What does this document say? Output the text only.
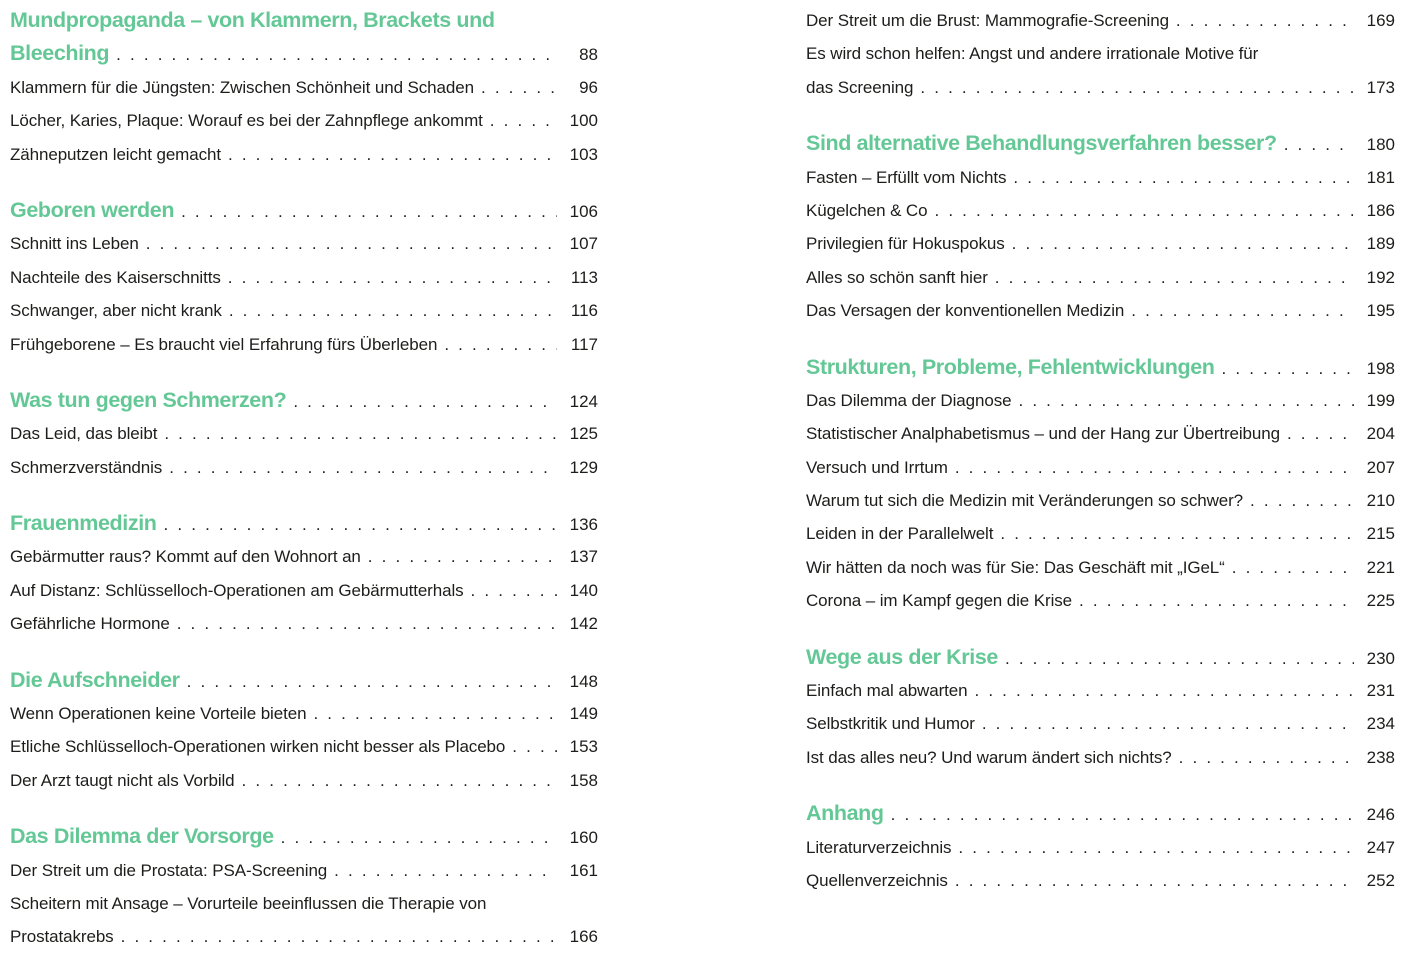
Mundpropaganda – von Klammern, Brackets und
Bleeching . . .	88
Klammern für die Jüngsten: Zwischen Schönheit und Schaden . . .	96
Löcher, Karies, Plaque: Worauf es bei der Zahnpflege ankommt . . .	100
Zähneputzen leicht gemacht . . .	103
Geboren werden . . .	106
Schnitt ins Leben . . .	107
Nachteile des Kaiserschnitts . . .	113
Schwanger, aber nicht krank . . .	116
Frühgeborene – Es braucht viel Erfahrung fürs Überleben . . .	117
Was tun gegen Schmerzen? . . .	124
Das Leid, das bleibt . . .	125
Schmerzverständnis . . .	129
Frauenmedizin . . .	136
Gebärmutter raus? Kommt auf den Wohnort an . . .	137
Auf Distanz: Schlüsselloch-Operationen am Gebärmutterhals . . .	140
Gefährliche Hormone . . .	142
Die Aufschneider . . .	148
Wenn Operationen keine Vorteile bieten . . .	149
Etliche Schlüsselloch-Operationen wirken nicht besser als Placebo . . .	153
Der Arzt taugt nicht als Vorbild . . .	158
Das Dilemma der Vorsorge . . .	160
Der Streit um die Prostata: PSA-Screening . . .	161
Scheitern mit Ansage – Vorurteile beeinflussen die Therapie von
Prostatakrebs . . .	166
Der Streit um die Brust: Mammografie-Screening . . .	169
Es wird schon helfen: Angst und andere irrationale Motive für
das Screening . . .	173
Sind alternative Behandlungsverfahren besser? . . .	180
Fasten – Erfüllt vom Nichts . . .	181
Kügelchen & Co . . .	186
Privilegien für Hokuspokus . . .	189
Alles so schön sanft hier . . .	192
Das Versagen der konventionellen Medizin . . .	195
Strukturen, Probleme, Fehlentwicklungen . . .	198
Das Dilemma der Diagnose . . .	199
Statistischer Analphabetismus – und der Hang zur Übertreibung . . .	204
Versuch und Irrtum . . .	207
Warum tut sich die Medizin mit Veränderungen so schwer? . . .	210
Leiden in der Parallelwelt . . .	215
Wir hätten da noch was für Sie: Das Geschäft mit „IGeL“ . . .	221
Corona – im Kampf gegen die Krise . . .	225
Wege aus der Krise . . .	230
Einfach mal abwarten . . .	231
Selbstkritik und Humor . . .	234
Ist das alles neu? Und warum ändert sich nichts? . . .	238
Anhang . . .	246
Literaturverzeichnis . . .	247
Quellenverzeichnis . . .	252
